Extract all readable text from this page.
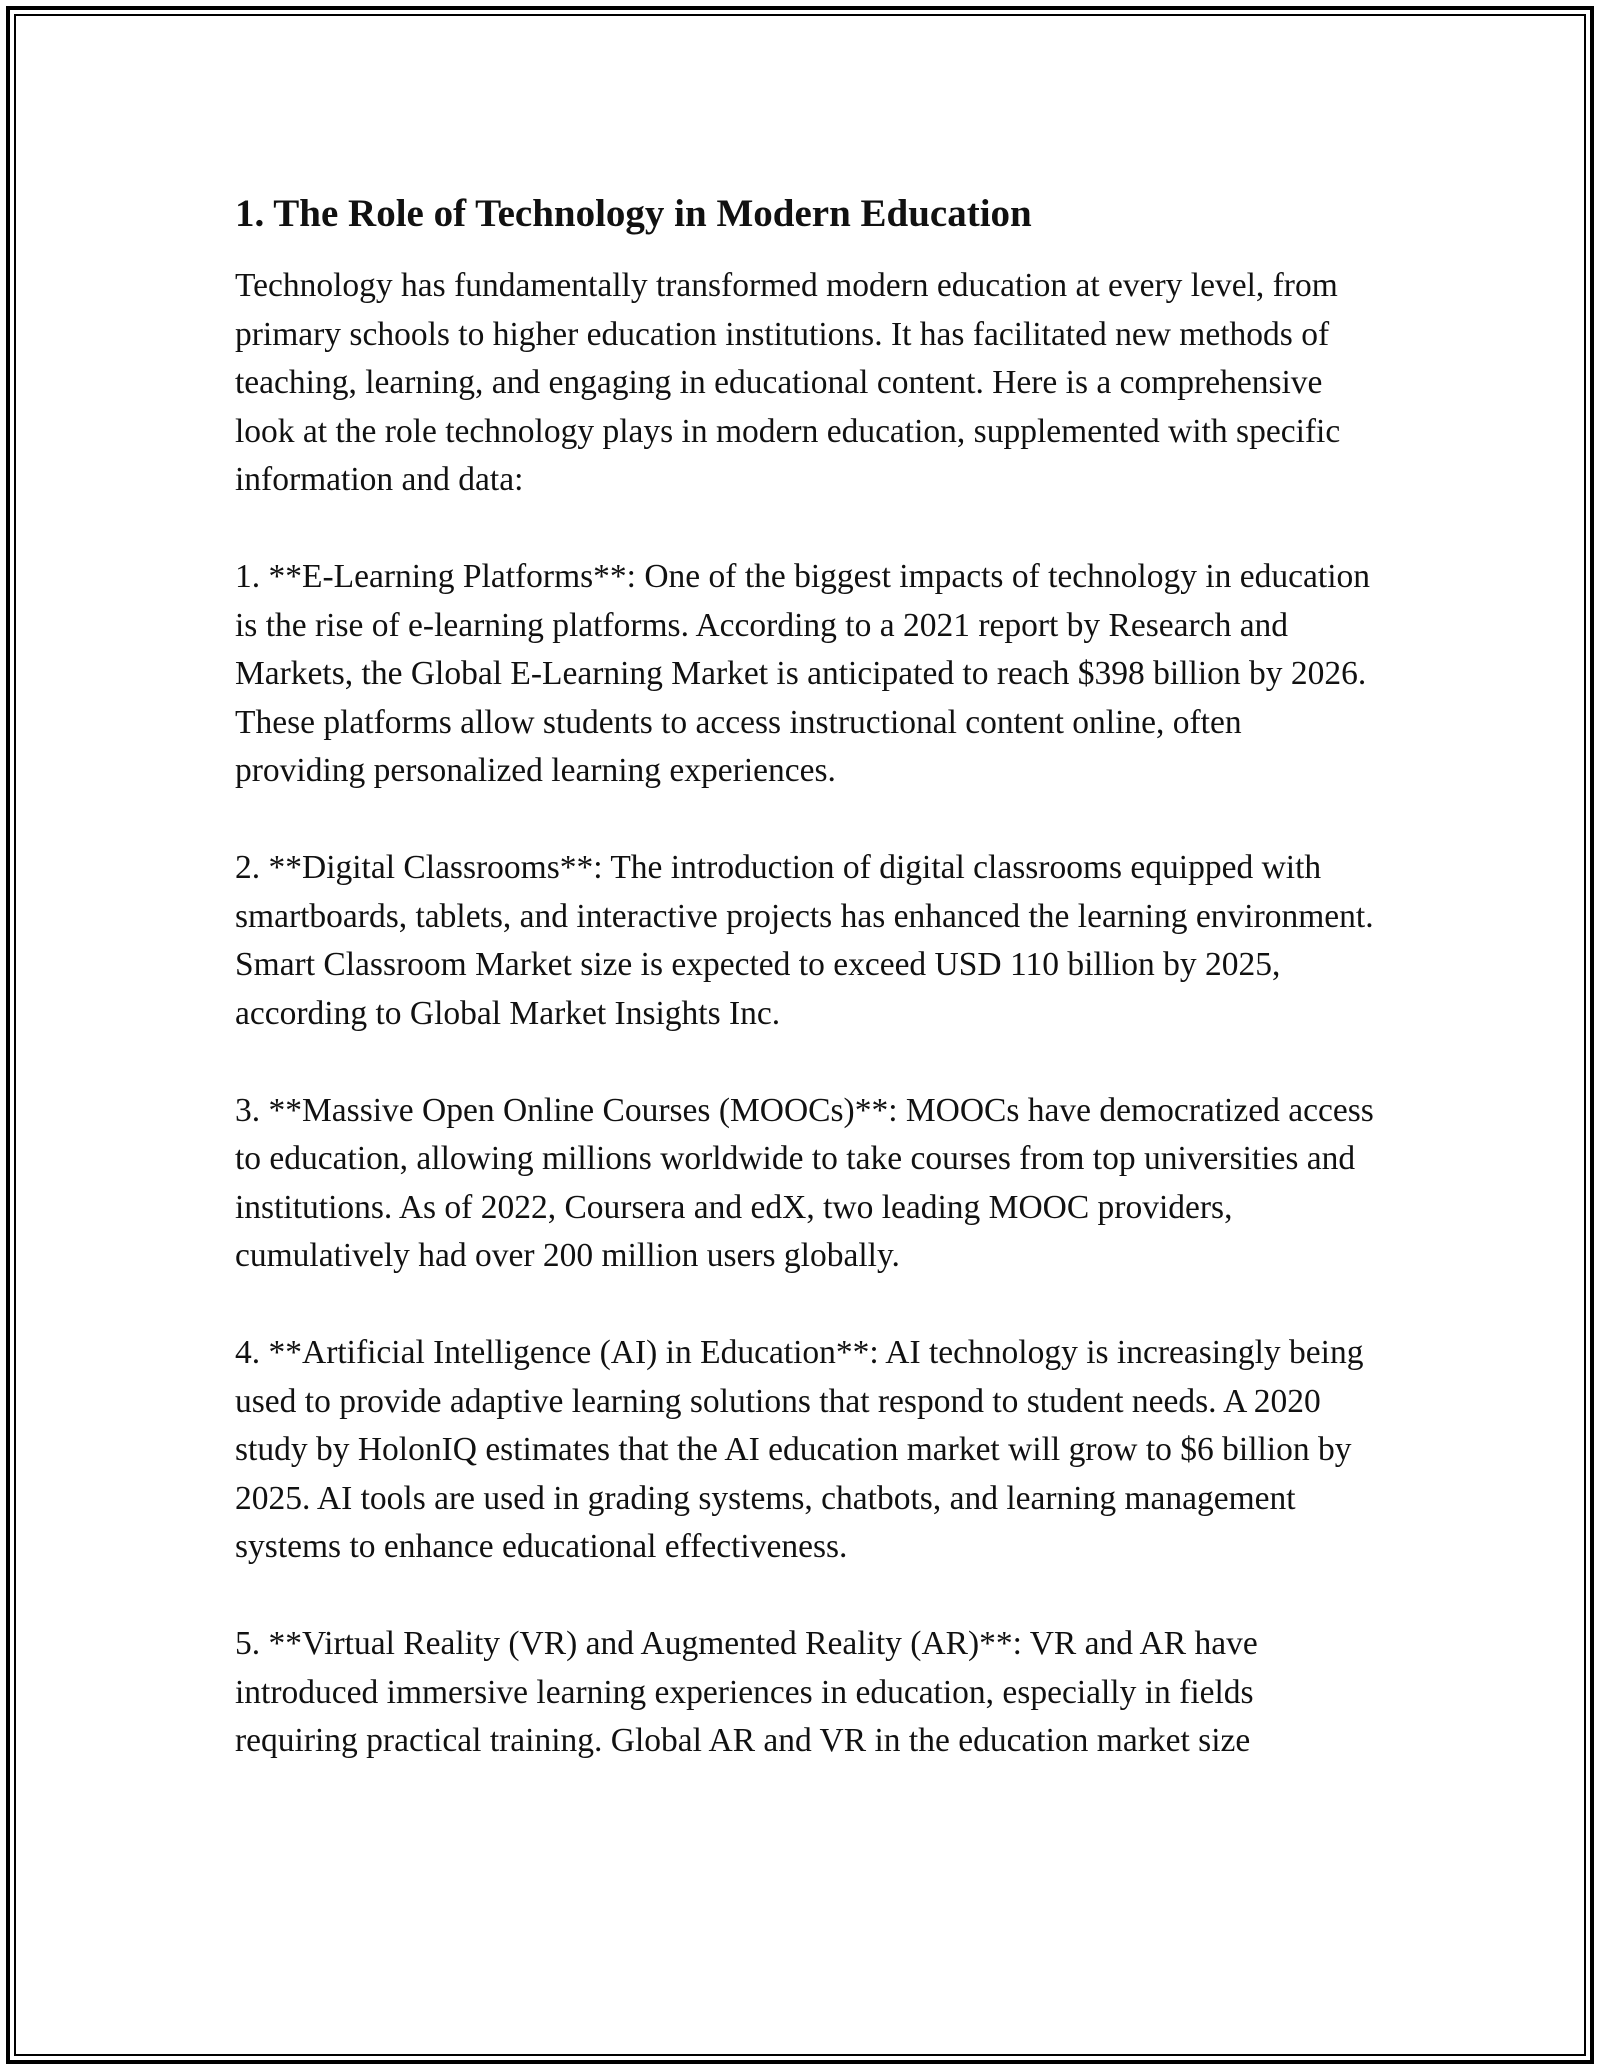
1. The Role of Technology in Modern Education

Technology has fundamentally transformed modern education at every level, from primary schools to higher education institutions. It has facilitated new methods of teaching, learning, and engaging in educational content. Here is a comprehensive look at the role technology plays in modern education, supplemented with specific information and data:

1. **E-Learning Platforms**: One of the biggest impacts of technology in education is the rise of e-learning platforms. According to a 2021 report by Research and Markets, the Global E-Learning Market is anticipated to reach $398 billion by 2026. These platforms allow students to access instructional content online, often providing personalized learning experiences.

2. **Digital Classrooms**: The introduction of digital classrooms equipped with smartboards, tablets, and interactive projects has enhanced the learning environment. Smart Classroom Market size is expected to exceed USD 110 billion by 2025, according to Global Market Insights Inc.

3. **Massive Open Online Courses (MOOCs)**: MOOCs have democratized access to education, allowing millions worldwide to take courses from top universities and institutions. As of 2022, Coursera and edX, two leading MOOC providers, cumulatively had over 200 million users globally.

4. **Artificial Intelligence (AI) in Education**: AI technology is increasingly being used to provide adaptive learning solutions that respond to student needs. A 2020 study by HolonIQ estimates that the AI education market will grow to $6 billion by 2025. AI tools are used in grading systems, chatbots, and learning management systems to enhance educational effectiveness.

5. **Virtual Reality (VR) and Augmented Reality (AR)**: VR and AR have introduced immersive learning experiences in education, especially in fields requiring practical training. Global AR and VR in the education market size
